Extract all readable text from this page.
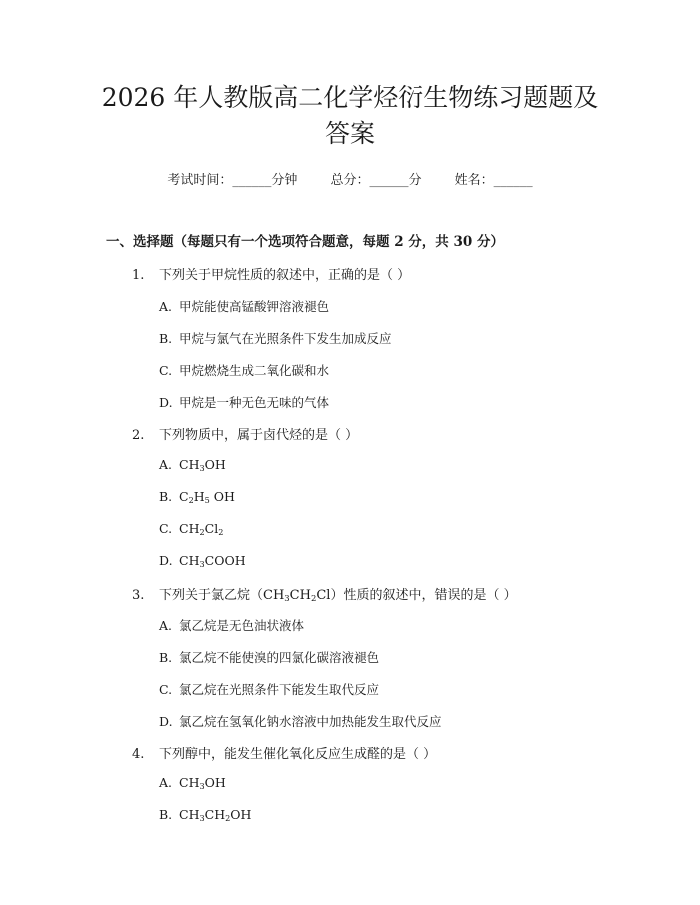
2026 年人教版高二化学烃衍生物练习题题及
答案
考试时间：______分钟	总分：______分	姓名：______
一、选择题（每题只有一个选项符合题意，每题 2 分，共 30 分）
1. 下列关于甲烷性质的叙述中，正确的是（ ）
A. 甲烷能使高锰酸钾溶液褪色
B. 甲烷与氯气在光照条件下发生加成反应
C. 甲烷燃烧生成二氧化碳和水
D. 甲烷是一种无色无味的气体
2. 下列物质中，属于卤代烃的是（ ）
A. $CH_3OH$
B. $C_2H_5$ OH
C. $CH_2Cl_2$
D. $CH_3COOH$
3. 下列关于氯乙烷$(CH_3CH_2Cl)$性质的叙述中，错误的是（ ）
A. 氯乙烷是无色油状液体
B. 氯乙烷不能使溴的四氯化碳溶液褪色
C. 氯乙烷在光照条件下能发生取代反应
D. 氯乙烷在氢氧化钠水溶液中加热能发生取代反应
4. 下列醇中，能发生催化氧化反应生成醛的是（ ）
A. $CH_3OH$
B. $CH_3CH_2OH$
